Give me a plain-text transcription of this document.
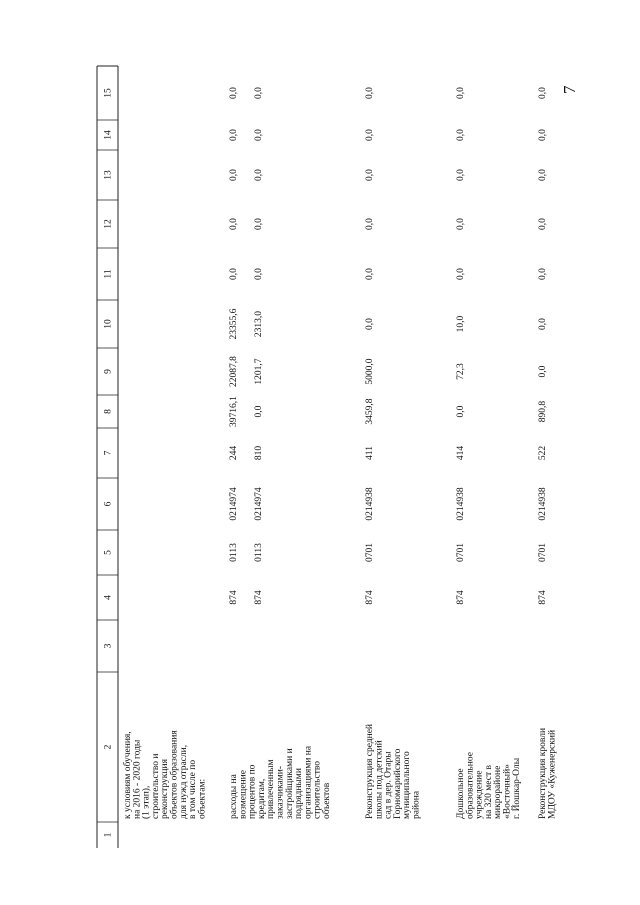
7
1
2
3
4
5
6
7
8
9
10
11
12
13
14
15
к условиям обучения, на 2016 - 2020 годы (1 этап), строительство и реконструкция объектов образования для нужд отрасли, в том числе по объектам: расходы на возмещение процентов по кредитам, привлеченным заказчиками- застройщиками и подрядными организациями на строительство объектов
874
0113
0214974
244
39716,1
22087,8
23355,6
0,0
0,0
0,0
0,0
0,0
874
0113
0214974
810
0,0
1201,7
2313,0
0,0
0,0
0,0
0,0
0,0
Реконструкция средней школы под детский сад в дер. Отары Горномарийского муниципального района
874
0701
0214938
411
3459,8
5000,0
0,0
0,0
0,0
0,0
0,0
0,0
Дошкольное образовательное учреждение на 320 мест в микрорайоне «Восточный» г. Йошкар-Олы
874
0701
0214938
414
0,0
72,3
10,0
0,0
0,0
0,0
0,0
0,0
Реконструкция кровли МДОУ «Куженерский
874
0701
0214938
522
890,8
0,0
0,0
0,0
0,0
0,0
0,0
0,0
